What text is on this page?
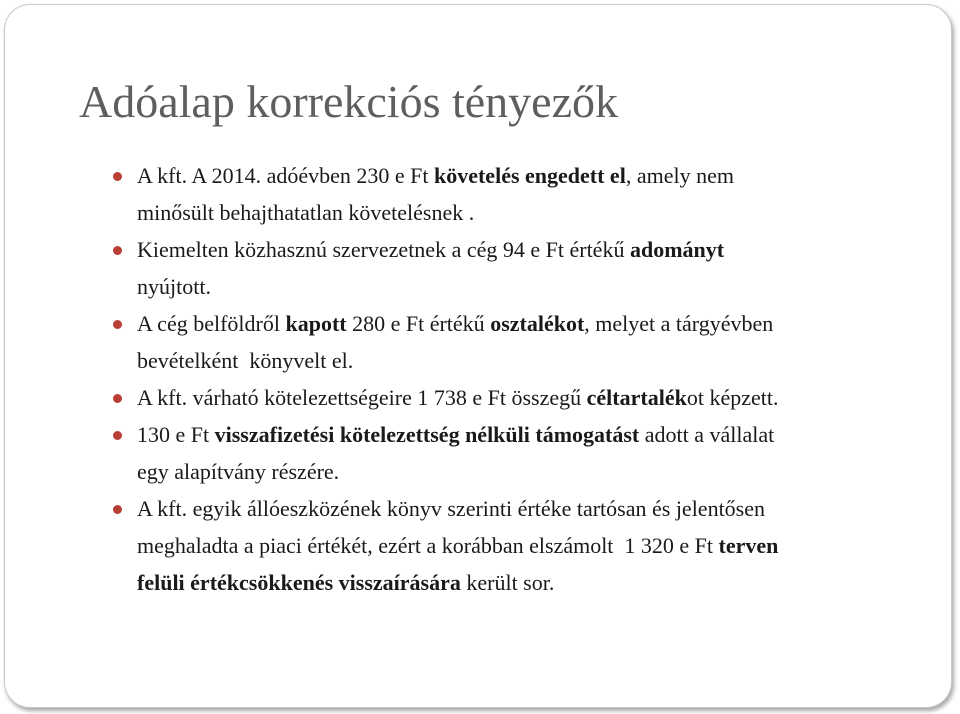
Adóalap korrekciós tényezők
A kft. A 2014. adóévben 230 e Ft követelés engedett el, amely nem
minősült behajthatatlan követelésnek .
Kiemelten közhasznú szervezetnek a cég 94 e Ft értékű adományt
nyújtott.
A cég belföldről kapott 280 e Ft értékű osztalékot, melyet a tárgyévben
bevételként  könyvelt el.
A kft. várható kötelezettségeire 1 738 e Ft összegű céltartalékot képzett.
130 e Ft visszafizetési kötelezettség nélküli támogatást adott a vállalat
egy alapítvány részére.
A kft. egyik állóeszközének könyv szerinti értéke tartósan és jelentősen
meghaladta a piaci értékét, ezért a korábban elszámolt  1 320 e Ft terven
felüli értékcsökkenés visszaírására került sor.
